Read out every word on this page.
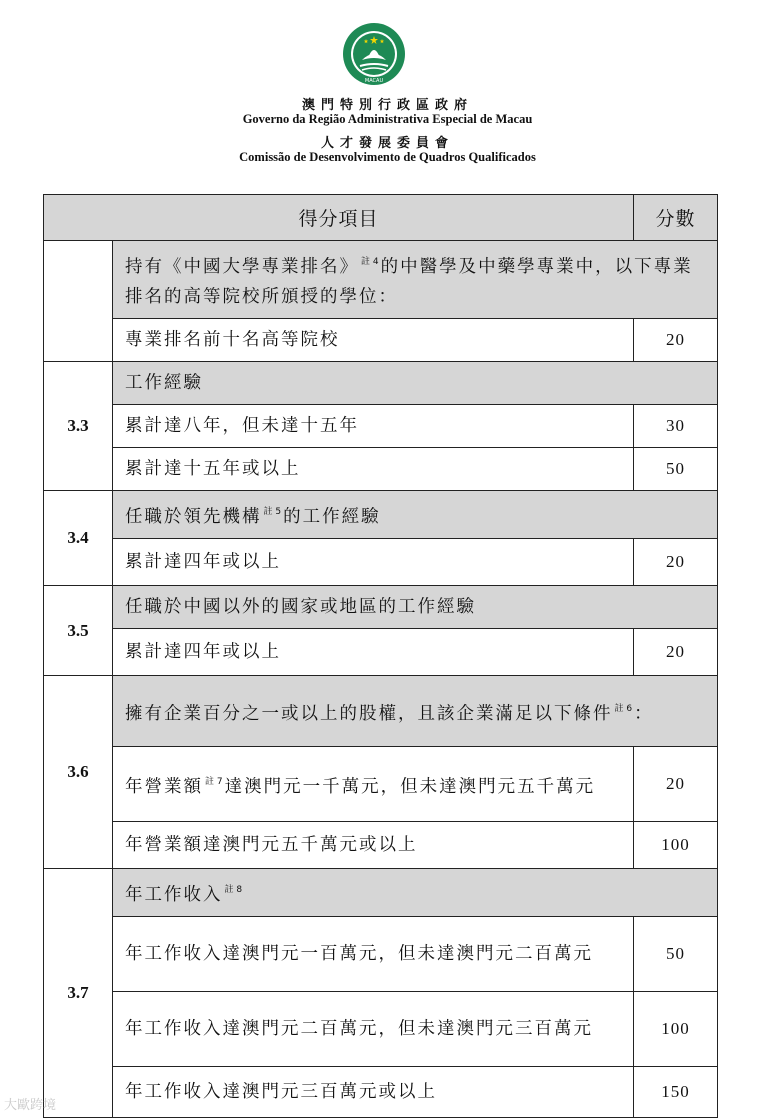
MACAU
澳門特別行政區政府
Governo da Região Administrativa Especial de Macau
人才發展委員會
Comissão de Desenvolvimento de Quadros Qualificados
得分項目		分數
	持有《中國大學專業排名》 $^{註 4}$ 的中醫學及中藥學專業中，以下專業排名的高等院校所頒授的學位：	
	專業排名前十名高等院校	20
3.3	工作經驗	
	累計達八年，但未達十五年	30
	累計達十五年或以上	50
3.4	任職於領先機構 $^{註 5}$ 的工作經驗	
	累計達四年或以上	20
3.5	任職於中國以外的國家或地區的工作經驗	
	累計達四年或以上	20
3.6	擁有企業百分之一或以上的股權，且該企業滿足以下條件 $^{註 6}$ ：	
	年營業額 $^{註 7}$ 達澳門元一千萬元，但未達澳門元五千萬元	20
	年營業額達澳門元五千萬元或以上	100
3.7	年工作收入 $^{註 8}$
	年工作收入達澳門元一百萬元，但未達澳門元二百萬元	50
	年工作收入達澳門元二百萬元，但未達澳門元三百萬元	100
	年工作收入達澳門元三百萬元或以上	150
大歐跨境
